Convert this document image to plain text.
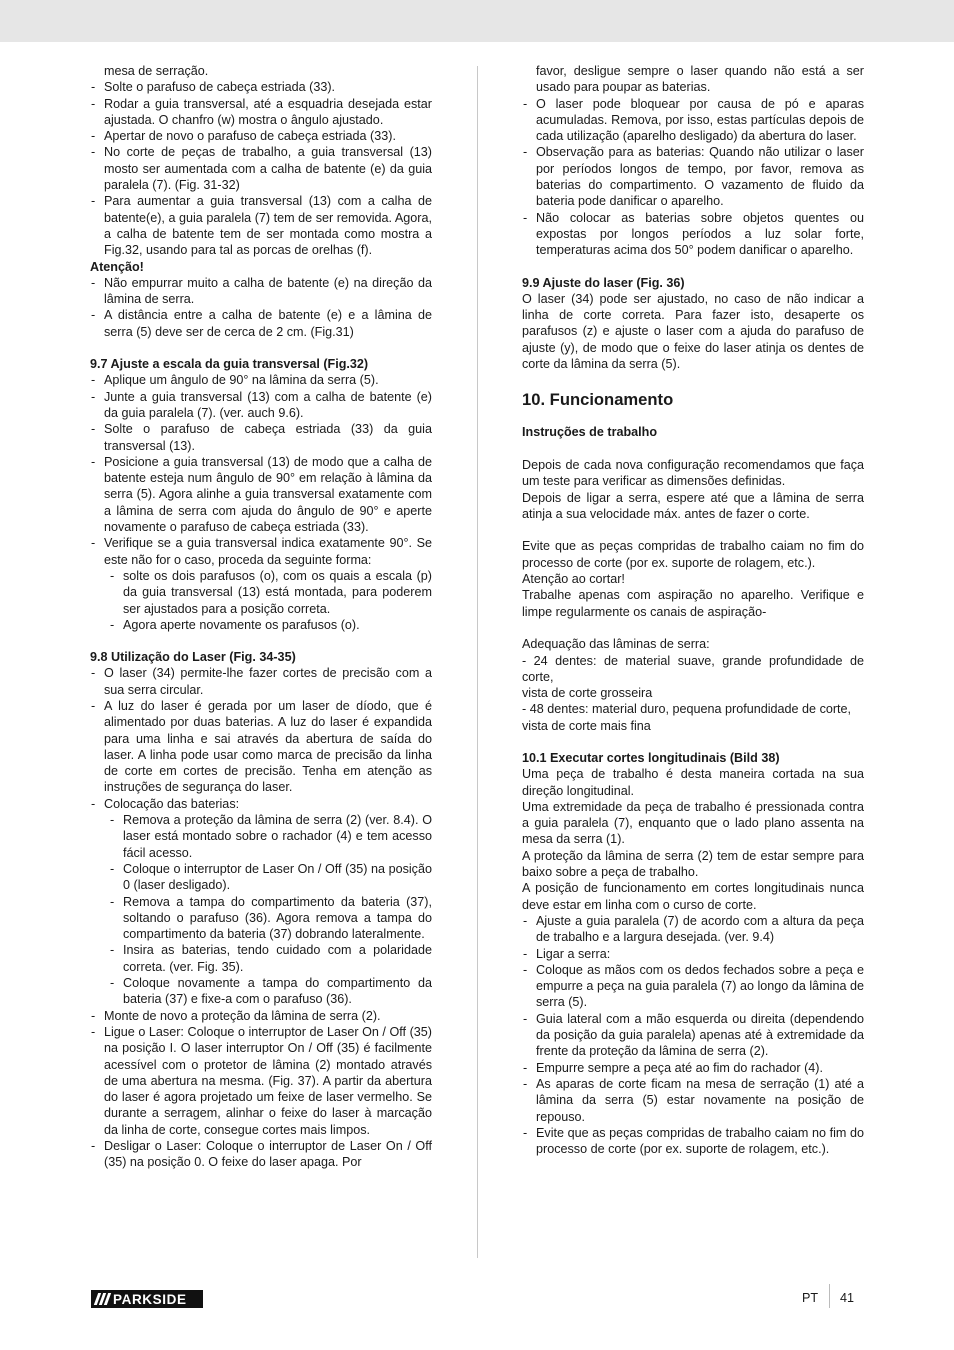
mesa de serração.

- Solte o parafuso de cabeça estriada (33).

- Rodar a guia transversal, até a esquadria desejada estar ajustada. O chanfro (w) mostra o ângulo ajustado.

- Apertar de novo o parafuso de cabeça estriada (33).

- No corte de peças de trabalho, a guia transversal (13) mosto ser aumentada com a calha de batente (e) da guia paralela (7). (Fig. 31-32)

- Para aumentar a guia transversal (13) com a calha de batente(e), a guia paralela (7) tem de ser removida. Agora, a calha de batente tem de ser montada como mostra a Fig.32, usando para tal as porcas de orelhas (f).

Atenção!

- Não empurrar muito a calha de batente (e) na direção da lâmina de serra.

- A distância entre a calha de batente (e) e a lâmina de serra (5) deve ser de cerca de 2 cm. (Fig.31)

9.7 Ajuste a escala da guia transversal (Fig.32)

- Aplique um ângulo de 90° na lâmina da serra (5).

- Junte a guia transversal (13) com a calha de batente (e) da guia paralela (7). (ver. auch 9.6).

- Solte o parafuso de cabeça estriada (33) da guia transversal (13).

- Posicione a guia transversal (13) de modo que a calha de batente esteja num ângulo de 90° em relação à lâmina da serra (5). Agora alinhe a guia transversal exatamente com a lâmina de serra com ajuda do ângulo de 90° e aperte novamente o parafuso de cabeça estriada (33).

- Verifique se a guia transversal indica exatamente 90°. Se este não for o caso, proceda da seguinte forma:

- solte os dois parafusos (o), com os quais a escala (p) da guia transversal (13) está montada, para poderem ser ajustados para a posição correta.

- Agora aperte novamente os parafusos (o).

9.8 Utilização do Laser (Fig. 34-35)

- O laser (34) permite-lhe fazer cortes de precisão com a sua serra circular.

- A luz do laser é gerada por um laser de díodo, que é alimentado por duas baterias. A luz do laser é expandida para uma linha e sai através da abertura de saída do laser. A linha pode usar como marca de precisão da linha de corte em cortes de precisão. Tenha em atenção as instruções de segurança do laser.

- Colocação das baterias:

- Remova a proteção da lâmina de serra (2) (ver. 8.4). O laser está montado sobre o rachador (4) e tem acesso fácil acesso.

- Coloque o interruptor de Laser On / Off (35) na posição 0 (laser desligado).

- Remova a tampa do compartimento da bateria (37), soltando o parafuso (36). Agora remova a tampa do compartimento da bateria (37) dobrando lateralmente.

- Insira as baterias, tendo cuidado com a polaridade correta. (ver. Fig. 35).

- Coloque novamente a tampa do compartimento da bateria (37) e fixe-a com o parafuso (36).

- Monte de novo a proteção da lâmina de serra (2).

- Ligue o Laser: Coloque o interruptor de Laser On / Off (35) na posição I. O laser interruptor On / Off (35) é facilmente acessível com o protetor de lâmina (2) montado através de uma abertura na mesma. (Fig. 37). A partir da abertura do laser é agora projetado um feixe de laser vermelho. Se durante a serragem, alinhar o feixe do laser à marcação da linha de corte, consegue cortes mais limpos.

- Desligar o Laser: Coloque o interruptor de Laser On / Off (35) na posição 0. O feixe do laser apaga. Por

favor, desligue sempre o laser quando não está a ser usado para poupar as baterias.

- O laser pode bloquear por causa de pó e aparas acumuladas. Remova, por isso, estas partículas depois de cada utilização (aparelho desligado) da abertura do laser.

- Observação para as baterias: Quando não utilizar o laser por períodos longos de tempo, por favor, remova as baterias do compartimento. O vazamento de fluido da bateria pode danificar o aparelho.

- Não colocar as baterias sobre objetos quentes ou expostas por longos períodos a luz solar forte, temperaturas acima dos 50° podem danificar o aparelho.

9.9 Ajuste do laser (Fig. 36)

O laser (34) pode ser ajustado, no caso de não indicar a linha de corte correta. Para fazer isto, desaperte os parafusos (z) e ajuste o laser com a ajuda do parafuso de ajuste (y), de modo que o feixe do laser atinja os dentes de corte da lâmina da serra (5).

10. Funcionamento

Instruções de trabalho

Depois de cada nova configuração recomendamos que faça um teste para verificar as dimensões definidas.

Depois de ligar a serra, espere até que a lâmina de serra atinja a sua velocidade máx. antes de fazer o corte.

Evite que as peças compridas de trabalho caiam no fim do processo de corte (por ex. suporte de rolagem, etc.).

Atenção ao cortar!

Trabalhe apenas com aspiração no aparelho. Verifique e limpe regularmente os canais de aspiração-

Adequação das lâminas de serra:

- 24 dentes: de material suave, grande profundidade de corte,

vista de corte grosseira

- 48 dentes: material duro, pequena profundidade de corte,

vista de corte mais fina

10.1 Executar cortes longitudinais (Bild 38)

Uma peça de trabalho é desta maneira cortada na sua direção longitudinal.

Uma extremidade da peça de trabalho é pressionada contra a guia paralela (7), enquanto que o lado plano assenta na mesa da serra (1).

A proteção da lâmina de serra (2) tem de estar sempre para baixo sobre a peça de trabalho.

A posição de funcionamento em cortes longitudinais nunca deve estar em linha com o curso de corte.

- Ajuste a guia paralela (7) de acordo com a altura da peça de trabalho e a largura desejada. (ver. 9.4)

- Ligar a serra:

- Coloque as mãos com os dedos fechados sobre a peça e empurre a peça na guia paralela (7) ao longo da lâmina de serra (5).

- Guia lateral com a mão esquerda ou direita (dependendo da posição da guia paralela) apenas até à extremidade da frente da proteção da lâmina de serra (2).

- Empurre sempre a peça até ao fim do rachador (4).

- As aparas de corte ficam na mesa de serração (1) até a lâmina da serra (5) estar novamente na posição de repouso.

- Evite que as peças compridas de trabalho caiam no fim do processo de corte (por ex. suporte de rolagem, etc.).

PARKSIDE	PT 41
